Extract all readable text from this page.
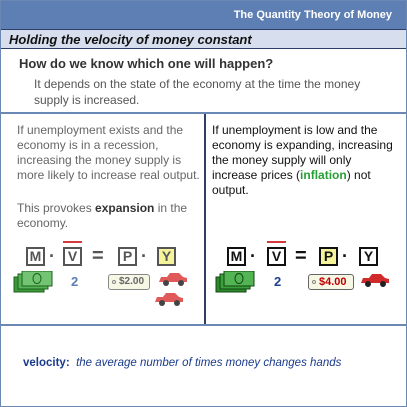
The Quantity Theory of Money
Holding the velocity of money constant
How do we know which one will happen?
It depends on the state of the economy at the time the money supply is increased.
If unemployment exists and the economy is in a recession, increasing the money supply is more likely to increase real output.
This provokes expansion in the economy.
M · V =	P ·	Y
2	$2.00
If unemployment is low and the economy is expanding, increasing the money supply will only increase prices (inflation) not output.
M ·	V =	P ·	Y
2	$4.00
velocity: the average number of times money changes hands
